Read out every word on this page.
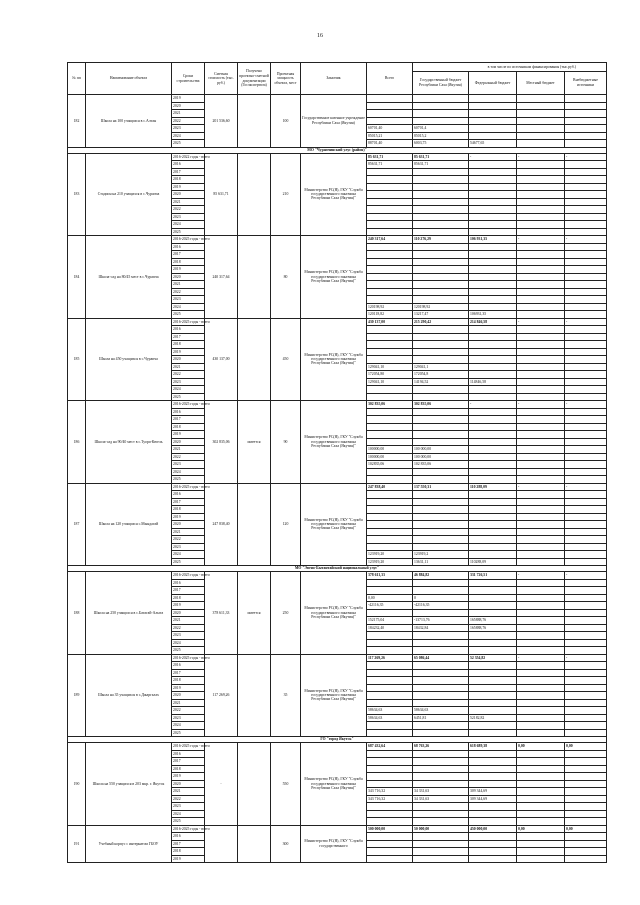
16
№ пп	Наименование объекта	Сроки строительства	Сметная стоимость (тыс. руб.)	Получено проектно-сметной документации (Госэкспертиза)	Проектная мощность объекта, мест	Заказчик	Всего	в том числе по источникам финансирования (тыс.руб.)			
								Государственный бюджет Республики Саха (Якутия)	Федеральный бюджет	Местный бюджет	Внебюджетные источники
182	Школа на 100 учащихся в с.Алтан	2019	201 536,60		100	Государственное казенное учреждение Республики Саха (Якутия)					
		2020									
		2021									
		2022									
		2023					60701,40	60701,4			
		2024					85015,21	85015,2			
		2025					88701,40	6003,75	54677,65		
МО "Чурапчинский улус (район)"											
183	Стадион на 210 учащихся в с.Чурапча	2016-2022 годы - всего	85 631,71		210	Министерство РС(Я), ГКУ "Служба государственного заказчика Республики Саха (Якутия)"	85 631,71	85 631,71	-	-	-
		2016					85631,71	85631,71			
		2017									
		2018									
		2019									
		2020									
		2021									
		2022									
		2023									
		2024									
		2025									
184	Школа-сад на 80/45 мест в с.Чурапча	2016-2025 годы - всего	240 317,64		80	Министерство РС(Я), ГКУ "Служба государственного заказчика Республики Саха (Якутия)"	240 317,64	110 276,29	106 931,35	-	-
		2016									
		2017									
		2018									
		2019									
		2020									
		2021									
		2022									
		2023									
		2024					120198,92	120198,92			
		2025					120118,82	13217,47	106931,35		
185	Школа на 450 учащихся в с.Чурапча	2016-2025 годы - всего	430 137,00		450	Министерство РС(Я), ГКУ "Служба государственного заказчика Республики Саха (Якутия)"	430 137,00	215 290,42	214 846,58	-	-
		2016									
		2017									
		2018									
		2019									
		2020									
		2021					129041,10	129041,1			
		2022					172054,80	172054,8			
		2023					129041,10	14194,52	114846,58		
		2024									
		2025									
186	Школа-сад на 90/40 мест в с.Туора-Кюель	2016-2025 годы - всего	302 835,06	имеется	90	Министерство РС(Я), ГКУ "Служба государственного заказчика Республики Саха (Якутия)"	302 835,06	302 835,06	-	-	-
		2016									
		2017									
		2018									
		2019									
		2020									
		2021					100000,00	100 000,00			
		2022					100000,00	100 000,00			
		2023					102835,06	102 835,06			
		2024									
		2025									
187	Школа на 120 учащихся с.Мындагай	2016-2025 годы - всего	247 838,40		120	Министерство РС(Я), ГКУ "Служба государственного заказчика Республики Саха (Якутия)"	247 838,40	137 550,31	110 288,09	-	-
		2016									
		2017									
		2018									
		2019									
		2020									
		2021									
		2022									
		2023									
		2024					123919,20	123919,2			
		2025					123919,20	13631,11	110288,09		
МО "Эвено-Бытантайский национальный улус"											
188	Школа на 250 учащихся в с.Батагай-Алыта	2016-2025 годы - всего	378 611,33	имеется	250	Министерство РС(Я), ГКУ "Служба государственного заказчика Республики Саха (Якутия)"	378 611,33	46 884,82	331 726,51	-	-
		2016									
		2017									
		2018					0,00	0			
		2019					-42116,35	-42116,35			
		2020									
		2021					152175,04	-13713,76	165888,76		
		2022					184232,40	18432,84	165888,76		
		2023									
		2024									
		2025									
189	Школа на 35 учащихся в с.Джаргалах	2016-2025 годы - всего	117 269,26		35	Министерство РС(Я), ГКУ "Служба государственного заказчика Республики Саха (Якутия)"	117 269,26	65 086,44	52 354,82	-	-
		2016									
		2017									
		2018									
		2019									
		2020									
		2021									
		2022					58634,63	58634,63			
		2023					58634,63	6451,81	52182,82		
		2024									
		2025									
ГО "город Якутск"											
190	Школа на 550 учащихся в 203 мкр. г. Якутск	2016-2025 годы - всего	-		550	Министерство РС(Я), ГКУ "Служба государственного заказчика Республики Саха (Якутия)"	687 432,64	68 763,26	618 689,38	0,00	0,00
		2016									
		2017									
		2018									
		2019									
		2020									
		2021					343 716,32	34 331,63	309 344,69		
		2022					343 716,32	34 331,63	309 344,69		
		2023									
		2024									
		2025									
191	Учебный корпус с интернатом ГБОУ	2016-2025 годы - всего			300	Министерство РС(Я), ГКУ "Служба государственного	500 000,00	50 000,00	450 000,00	0,00	0,00
		2016									
		2017									
		2018									
		2019									
